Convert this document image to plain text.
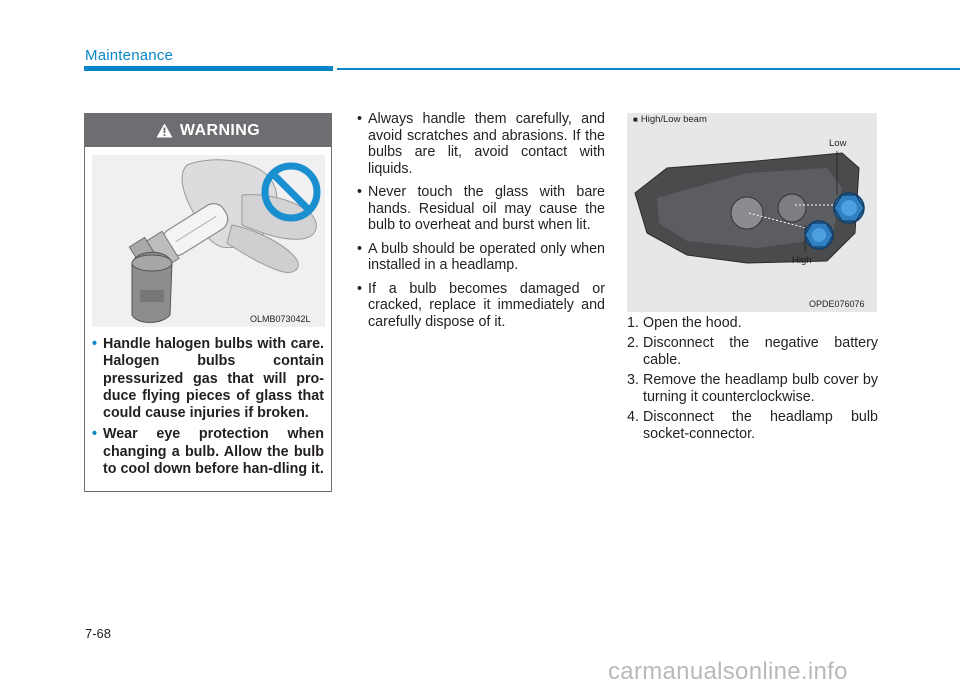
Maintenance
WARNING
OLMB073042L
• Handle halogen bulbs with care. Halogen bulbs contain pressurized gas that will pro-duce flying pieces of glass that could cause injuries if broken.
• Wear eye protection when changing a bulb. Allow the bulb to cool down before han-dling it.
• Always handle them carefully, and avoid scratches and abrasions. If the bulbs are lit, avoid contact with liquids.
• Never touch the glass with bare hands. Residual oil may cause the bulb to overheat and burst when lit.
• A bulb should be operated only when installed in a headlamp.
• If a bulb becomes damaged or cracked, replace it immediately and carefully dispose of it.
OPDE076076
■ High/Low beam
Low
High
1. Open the hood.
2. Disconnect the negative battery cable.
3. Remove the headlamp bulb cover by turning it counterclockwise.
4. Disconnect the headlamp bulb socket-connector.
7-68
carmanualsonline.info
